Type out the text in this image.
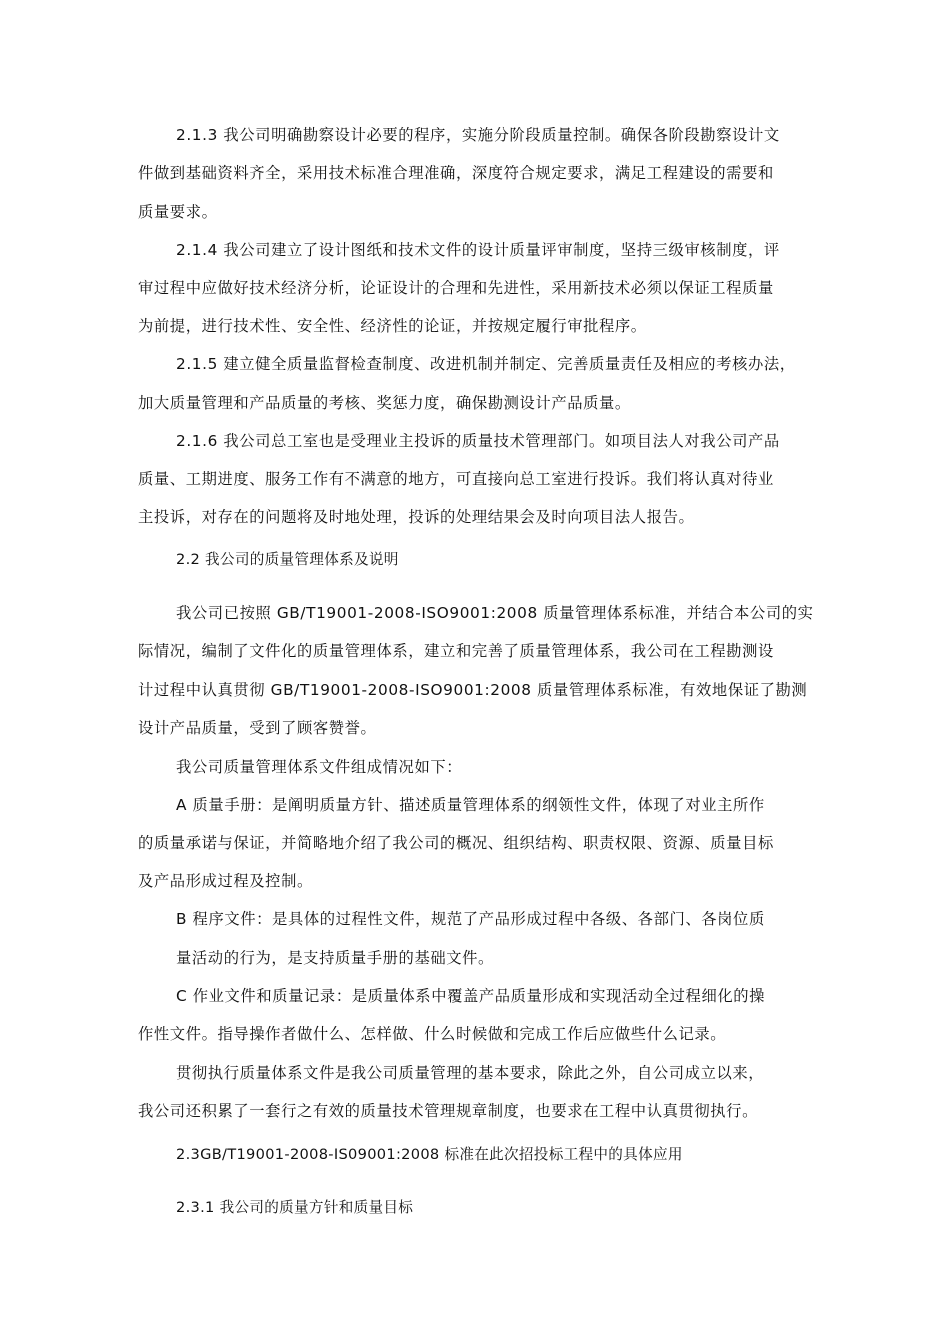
2.1.3 我公司明确勘察设计必要的程序，实施分阶段质量控制。确保各阶段勘察设计文
件做到基础资料齐全，采用技术标准合理准确，深度符合规定要求，满足工程建设的需要和
质量要求。
2.1.4 我公司建立了设计图纸和技术文件的设计质量评审制度，坚持三级审核制度，评
审过程中应做好技术经济分析，论证设计的合理和先进性，采用新技术必须以保证工程质量
为前提，进行技术性、安全性、经济性的论证，并按规定履行审批程序。
2.1.5 建立健全质量监督检查制度、改进机制并制定、完善质量责任及相应的考核办法，
加大质量管理和产品质量的考核、奖惩力度，确保勘测设计产品质量。
2.1.6 我公司总工室也是受理业主投诉的质量技术管理部门。如项目法人对我公司产品
质量、工期进度、服务工作有不满意的地方，可直接向总工室进行投诉。我们将认真对待业
主投诉，对存在的问题将及时地处理，投诉的处理结果会及时向项目法人报告。
2.2 我公司的质量管理体系及说明
我公司已按照 GB/T19001-2008-ISO9001:2008 质量管理体系标准，并结合本公司的实
际情况，编制了文件化的质量管理体系，建立和完善了质量管理体系，我公司在工程勘测设
计过程中认真贯彻 GB/T19001-2008-ISO9001:2008 质量管理体系标准，有效地保证了勘测
设计产品质量，受到了顾客赞誉。
我公司质量管理体系文件组成情况如下：
A 质量手册：是阐明质量方针、描述质量管理体系的纲领性文件，体现了对业主所作
的质量承诺与保证，并简略地介绍了我公司的概况、组织结构、职责权限、资源、质量目标
及产品形成过程及控制。
B 程序文件：是具体的过程性文件，规范了产品形成过程中各级、各部门、各岗位质
量活动的行为，是支持质量手册的基础文件。
C 作业文件和质量记录：是质量体系中覆盖产品质量形成和实现活动全过程细化的操
作性文件。指导操作者做什么、怎样做、什么时候做和完成工作后应做些什么记录。
贯彻执行质量体系文件是我公司质量管理的基本要求，除此之外，自公司成立以来，
我公司还积累了一套行之有效的质量技术管理规章制度，也要求在工程中认真贯彻执行。
2.3GB/T19001-2008-IS09001:2008 标准在此次招投标工程中的具体应用
2.3.1 我公司的质量方针和质量目标
